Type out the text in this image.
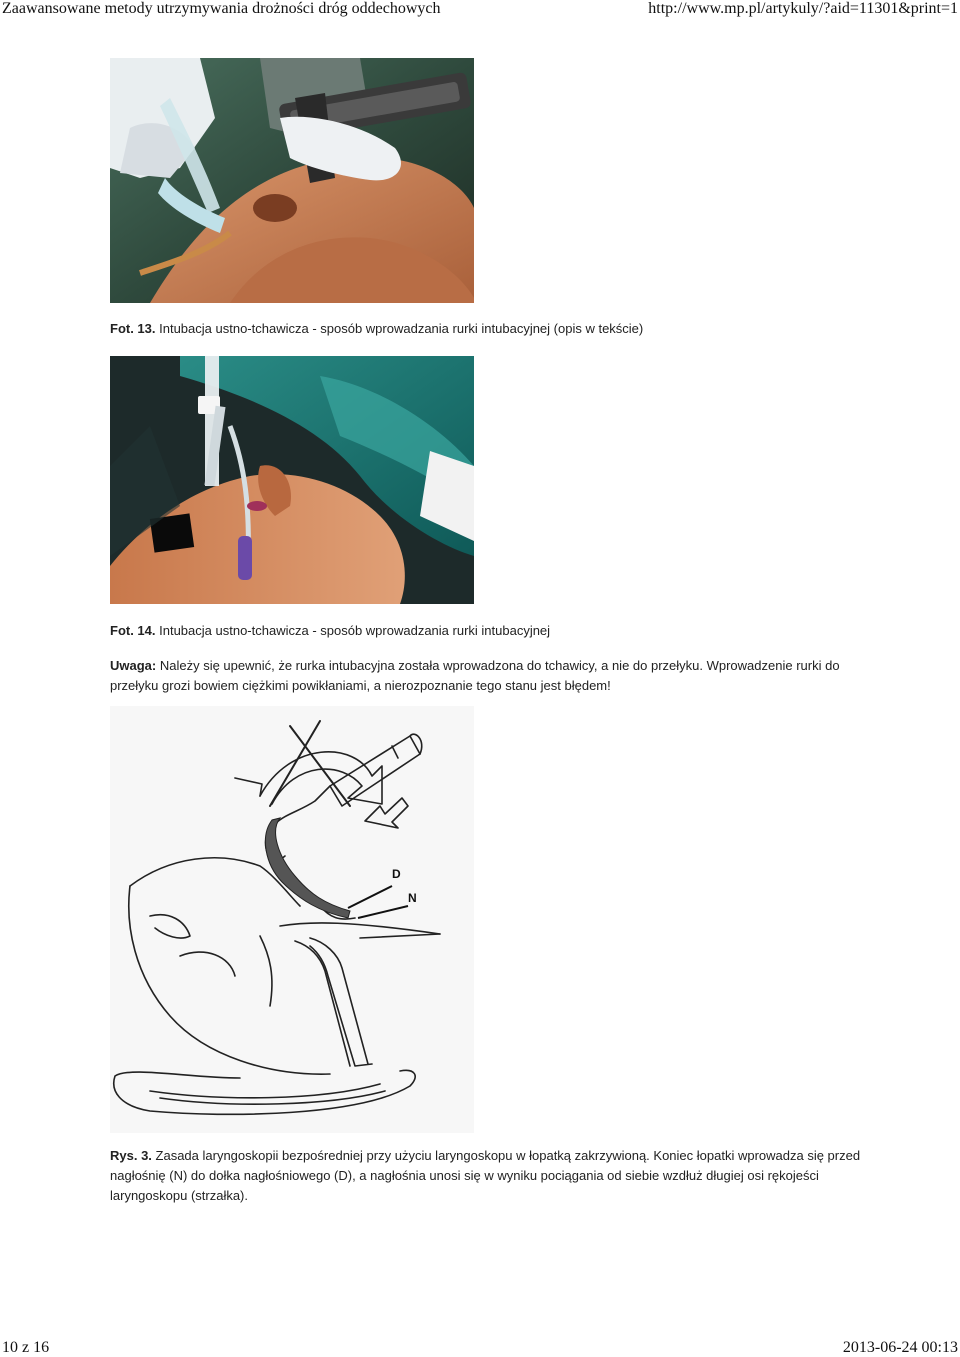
Zaawansowane metody utrzymywania drożności dróg oddechowych	http://www.mp.pl/artykuly/?aid=11301&print=1
Fot. 13. Intubacja ustno-tchawicza - sposób wprowadzania rurki intubacyjnej (opis w tekście)
Fot. 14. Intubacja ustno-tchawicza - sposób wprowadzania rurki intubacyjnej
Uwaga: Należy się upewnić, że rurka intubacyjna została wprowadzona do tchawicy, a nie do przełyku. Wprowadzenie rurki do przełyku grozi bowiem ciężkimi powikłaniami, a nierozpoznanie tego stanu jest błędem!
D
N
Rys. 3. Zasada laryngoskopii bezpośredniej przy użyciu laryngoskopu w łopatką zakrzywioną. Koniec łopatki wprowadza się przed nagłośnię (N) do dołka nagłośniowego (D), a nagłośnia unosi się w wyniku pociągania od siebie wzdłuż długiej osi rękojeści laryngoskopu (strzałka).
10 z 16	2013-06-24 00:13
